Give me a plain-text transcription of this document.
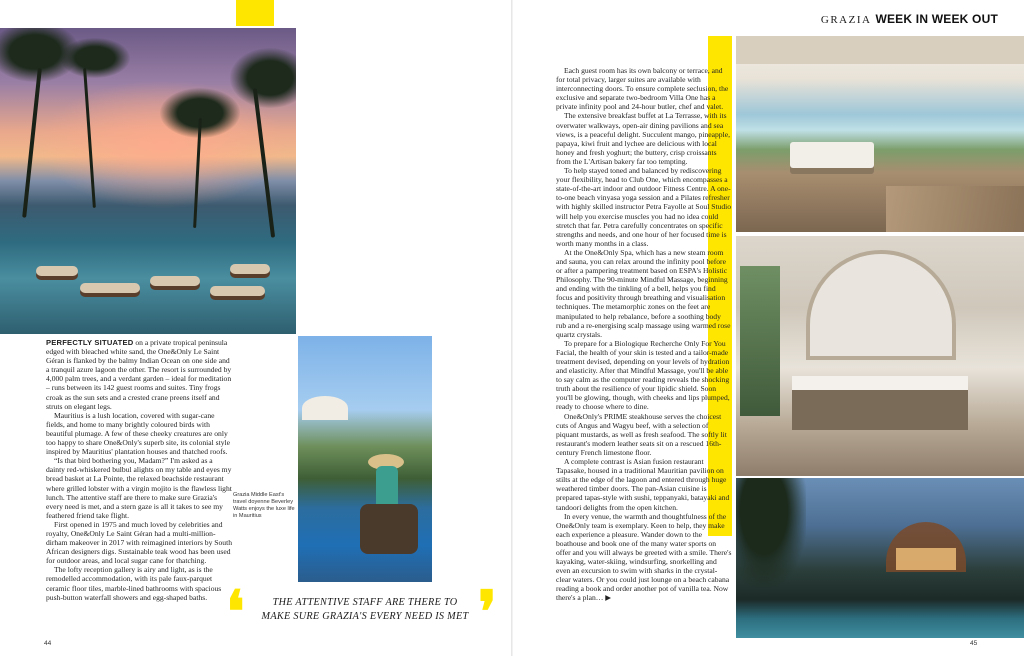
PERFECTLY SITUATED on a private tropical peninsula edged with bleached white sand, the One&Only Le Saint Géran is flanked by the balmy Indian Ocean on one side and a tranquil azure lagoon the other. The resort is surrounded by 4,000 palm trees, and a verdant garden – ideal for meditation – runs between its 142 guest rooms and suites. Tiny frogs croak as the sun sets and a crested crane preens itself and struts on elegant legs.

Mauritius is a lush location, covered with sugar-cane fields, and home to many brightly coloured birds with beautiful plumage. A few of these cheeky creatures are only too happy to share One&Only's superb site, its colonial style inspired by Mauritius' plantation houses and thatched roofs.

“Is that bird bothering you, Madam?” I'm asked as a dainty red-whiskered bulbul alights on my table and eyes my bread basket at La Pointe, the relaxed beachside restaurant where grilled lobster with a virgin mojito is the flawless light lunch. The attentive staff are there to make sure Grazia's every need is met, and a stern gaze is all it takes to see my feathered friend take flight.

First opened in 1975 and much loved by celebrities and royalty, One&Only Le Saint Géran had a multi-million-dirham makeover in 2017 with reimagined interiors by South African designers digs. Sustainable teak wood has been used for outdoor areas, and local sugar cane for thatching.

The lofty reception gallery is airy and light, as is the remodelled accommodation, with its pale faux-parquet ceramic floor tiles, marble-lined bathrooms with spacious push-button waterfall showers and egg-shaped baths.

Grazia Middle East's travel doyenne Beverley Watts enjoys the luxe life in Mauritius
❛	THE ATTENTIVE STAFF ARE THERE TO
MAKE SURE GRAZIA'S EVERY NEED IS MET ❜
44
GRAZIA WEEK IN WEEK OUT

Each guest room has its own balcony or terrace, and for total privacy, larger suites are available with interconnecting doors. To ensure complete seclusion, the exclusive and separate two-bedroom Villa One has a private infinity pool and 24-hour butler, chef and valet.

The extensive breakfast buffet at La Terrasse, with its overwater walkways, open-air dining pavilions and sea views, is a peaceful delight. Succulent mango, pineapple, papaya, kiwi fruit and lychee are delicious with local honey and fresh yoghurt; the buttery, crisp croissants from the L'Artisan bakery far too tempting.

To help stayed toned and balanced by rediscovering your flexibility, head to Club One, which encompasses a state-of-the-art indoor and outdoor Fitness Centre. A one-to-one beach vinyasa yoga session and a Pilates refresher with highly skilled instructor Petra Fayolle at Soul Studio will help you exercise muscles you had no idea could stretch that far. Petra carefully concentrates on specific strengths and needs, and one hour of her focused time is worth many months in a class.

At the One&Only Spa, which has a new steam room and sauna, you can relax around the infinity pool before or after a pampering treatment based on ESPA's Holistic Philosophy. The 90-minute Mindful Massage, beginning and ending with the tinkling of a bell, helps you find focus and positivity through breathing and visualisation techniques. The metamorphic zones on the feet are manipulated to help rebalance, before a soothing body rub and a re-energising scalp massage using warmed rose quartz crystals.

To prepare for a Biologique Recherche Only For You Facial, the health of your skin is tested and a tailor-made treatment devised, depending on your levels of hydration and elasticity. After that Mindful Massage, you'll be able to say calm as the computer reading reveals the shocking truth about the resilience of your lipidic shield. Soon you'll be glowing, though, with cheeks and lips plumped, ready to choose where to dine.

One&Only's PRIME steakhouse serves the choicest cuts of Angus and Wagyu beef, with a selection of piquant mustards, as well as fresh seafood. The softly lit restaurant's modern leather seats sit on a rescued 16th-century French limestone floor.

A complete contrast is Asian fusion restaurant Tapasake, housed in a traditional Mauritian pavilion on stilts at the edge of the lagoon and entered through huge weathered timber doors. The pan-Asian cuisine is prepared tapas-style with sushi, teppanyaki, batayaki and tandoori delights from the open kitchen.

In every venue, the warmth and thoughtfulness of the One&Only team is exemplary. Keen to help, they make each experience a pleasure. Wander down to the boathouse and book one of the many water sports on offer and you will always be greeted with a smile. There's kayaking, water-skiing, windsurfing, snorkelling and even an excursion to swim with sharks in the crystal-clear waters. Or you could just lounge on a beach cabana reading a book and order another pot of vanilla tea. Now there's a plan… ▶

45
